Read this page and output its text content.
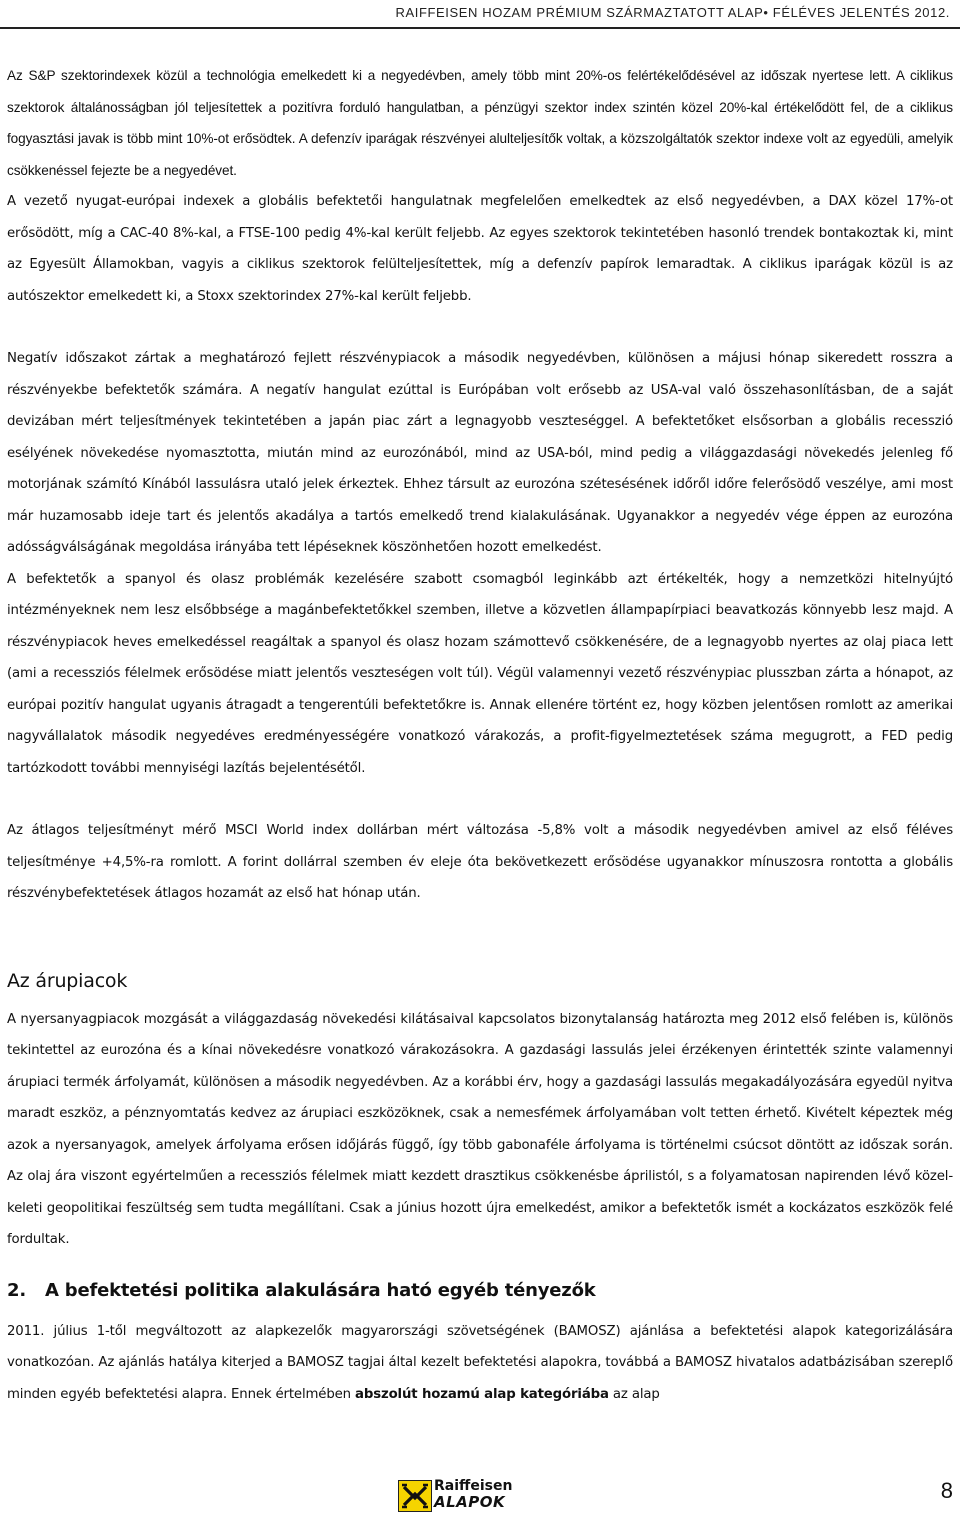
RAIFFEISEN HOZAM PRÉMIUM SZÁRMAZTATOTT ALAP• FÉLÉVES JELENTÉS 2012.

Az S&P szektorindexek közül a technológia emelkedett ki a negyedévben, amely több mint 20%-os felértékelődésével az időszak nyertese lett. A ciklikus szektorok általánosságban jól teljesítettek a pozitívra forduló hangulatban, a pénzügyi szektor index szintén közel 20%-kal értékelődött fel, de a ciklikus fogyasztási javak is több mint 10%-ot erősödtek. A defenzív iparágak részvényei alulteljesítők voltak, a közszolgáltatók szektor indexe volt az egyedüli, amelyik csökkenéssel fejezte be a negyedévet.

A vezető nyugat-európai indexek a globális befektetői hangulatnak megfelelően emelkedtek az első negyedévben, a DAX közel 17%-ot erősödött, míg a CAC-40 8%-kal, a FTSE-100 pedig 4%-kal került feljebb. Az egyes szektorok tekintetében hasonló trendek bontakoztak ki, mint az Egyesült Államokban, vagyis a ciklikus szektorok felülteljesítettek, míg a defenzív papírok lemaradtak. A ciklikus iparágak közül is az autószektor emelkedett ki, a Stoxx szektorindex 27%-kal került feljebb.

Negatív időszakot zártak a meghatározó fejlett részvénypiacok a második negyedévben, különösen a májusi hónap sikeredett rosszra a részvényekbe befektetők számára. A negatív hangulat ezúttal is Európában volt erősebb az USA-val való összehasonlításban, de a saját devizában mért teljesítmények tekintetében a japán piac zárt a legnagyobb veszteséggel. A befektetőket elsősorban a globális recesszió esélyének növekedése nyomasztotta, miután mind az eurozónából, mind az USA-ból, mind pedig a világgazdasági növekedés jelenleg fő motorjának számító Kínából lassulásra utaló jelek érkeztek. Ehhez társult az eurozóna szétesésének időről időre felerősödő veszélye, ami most már huzamosabb ideje tart és jelentős akadálya a tartós emelkedő trend kialakulásának. Ugyanakkor a negyedév vége éppen az eurozóna adósságválságának megoldása irányába tett lépéseknek köszönhetően hozott emelkedést.

A befektetők a spanyol és olasz problémák kezelésére szabott csomagból leginkább azt értékelték, hogy a nemzetközi hitelnyújtó intézményeknek nem lesz elsőbbsége a magánbefektetőkkel szemben, illetve a közvetlen állampapírpiaci beavatkozás könnyebb lesz majd. A részvénypiacok heves emelkedéssel reagáltak a spanyol és olasz hozam számottevő csökkenésére, de a legnagyobb nyertes az olaj piaca lett (ami a recessziós félelmek erősödése miatt jelentős veszteségen volt túl). Végül valamennyi vezető részvénypiac plusszban zárta a hónapot, az európai pozitív hangulat ugyanis átragadt a tengerentúli befektetőkre is. Annak ellenére történt ez, hogy közben jelentősen romlott az amerikai nagyvállalatok második negyedéves eredményességére vonatkozó várakozás, a profit-figyelmeztetések száma megugrott, a FED pedig tartózkodott további mennyiségi lazítás bejelentésétől.

Az átlagos teljesítményt mérő MSCI World index dollárban mért változása -5,8% volt a második negyedévben amivel az első féléves teljesítménye +4,5%-ra romlott. A forint dollárral szemben év eleje óta bekövetkezett erősödése ugyanakkor mínuszosra rontotta a globális részvénybefektetések átlagos hozamát az első hat hónap után.

Az árupiacok

A nyersanyagpiacok mozgását a világgazdaság növekedési kilátásaival kapcsolatos bizonytalanság határozta meg 2012 első felében is, különös tekintettel az eurozóna és a kínai növekedésre vonatkozó várakozásokra. A gazdasági lassulás jelei érzékenyen érintették szinte valamennyi árupiaci termék árfolyamát, különösen a második negyedévben. Az a korábbi érv, hogy a gazdasági lassulás megakadályozására egyedül nyitva maradt eszköz, a pénznyomtatás kedvez az árupiaci eszközöknek, csak a nemesfémek árfolyamában volt tetten érhető. Kivételt képeztek még azok a nyersanyagok, amelyek árfolyama erősen időjárás függő, így több gabonaféle árfolyama is történelmi csúcsot döntött az időszak során. Az olaj ára viszont egyértelműen a recessziós félelmek miatt kezdett drasztikus csökkenésbe áprilistól, s a folyamatosan napirenden lévő közel-keleti geopolitikai feszültség sem tudta megállítani. Csak a június hozott újra emelkedést, amikor a befektetők ismét a kockázatos eszközök felé fordultak.

2. A befektetési politika alakulására ható egyéb tényezők

2011. július 1-től megváltozott az alapkezelők magyarországi szövetségének (BAMOSZ) ajánlása a befektetési alapok kategorizálására vonatkozóan. Az ajánlás hatálya kiterjed a BAMOSZ tagjai által kezelt befektetési alapokra, továbbá a BAMOSZ hivatalos adatbázisában szereplő minden egyéb befektetési alapra. Ennek értelmében abszolút hozamú alap kategóriába az alap

Raiffeisen
ALAPOK	8
